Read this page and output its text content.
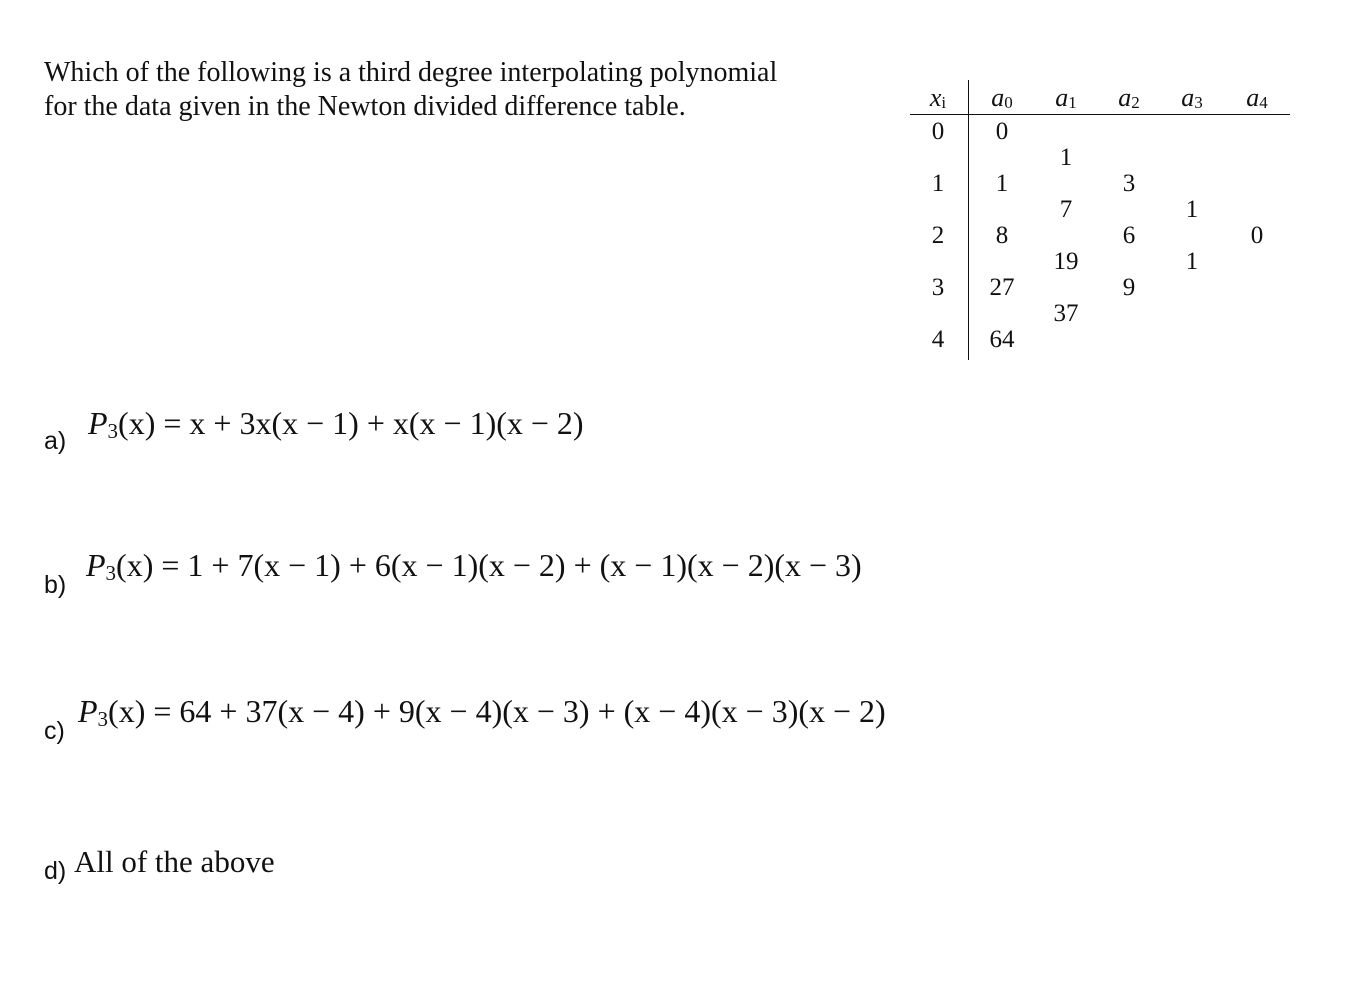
Which of the following is a third degree interpolating polynomial
for the data given in the Newton divided difference table.	$x_i$ $a_0$ $a_1$ $a_2$ $a_3$ $a_4$
0
1
2
3
4
0
1
8
27
64
1
7
19
37
3
6
9
1
1
0
a) $P_3(x) = x + 3x(x - 1) + x(x - 1)(x - 2)$
b)
$P_3(x) = 1 + 7(x - 1) + 6(x - 1)(x - 2) + (x - 1)(x - 2)(x - 3)$
c)
$P_3(x) = 64 + 37(x - 4) + 9(x - 4)(x - 3) + (x - 4)(x - 3)(x - 2)$
d) All of the above
